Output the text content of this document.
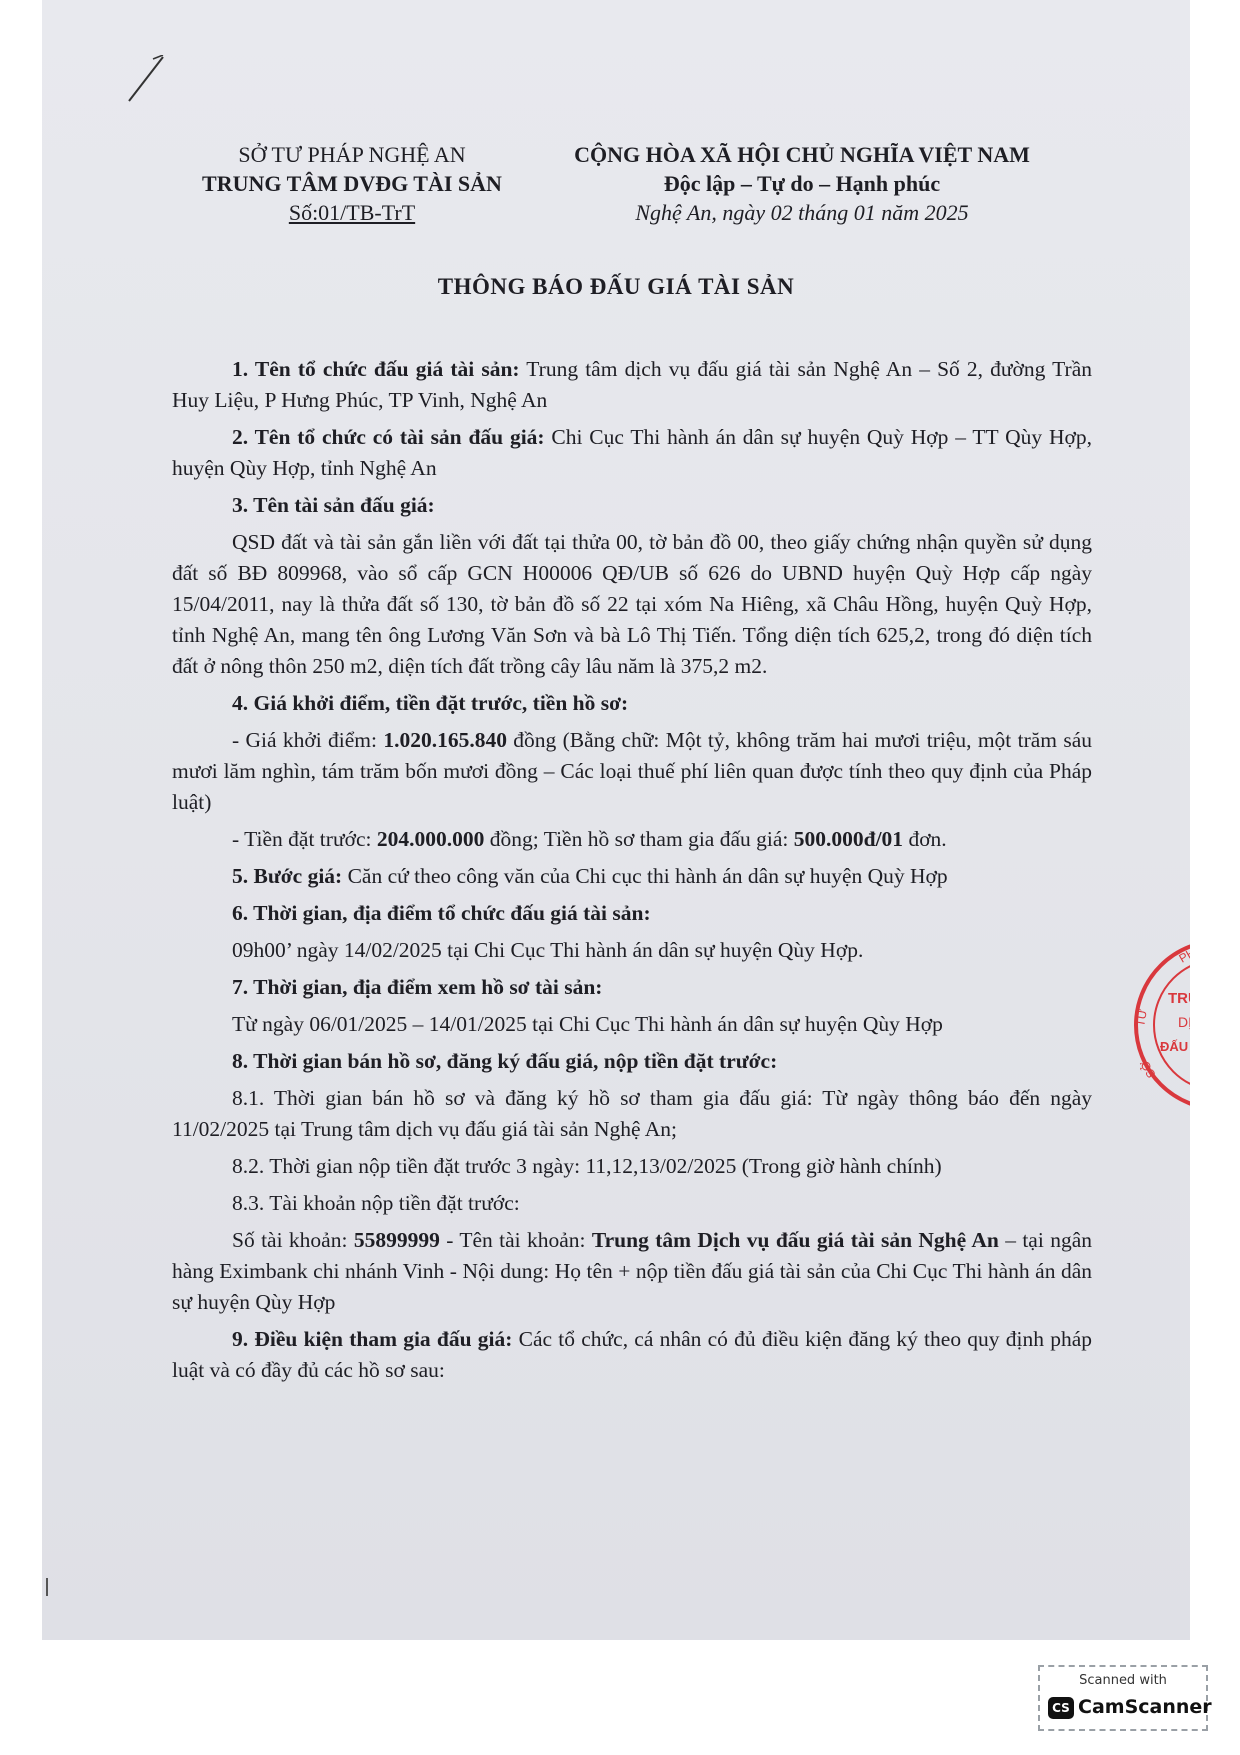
SỞ TƯ PHÁP NGHỆ AN
TRUNG TÂM DVĐG TÀI SẢN
Số:01/TB-TrT
CỘNG HÒA XÃ HỘI CHỦ NGHĨA VIỆT NAM
Độc lập – Tự do – Hạnh phúc
Nghệ An, ngày 02 tháng 01 năm 2025
THÔNG BÁO ĐẤU GIÁ TÀI SẢN

1. Tên tổ chức đấu giá tài sản: Trung tâm dịch vụ đấu giá tài sản Nghệ An – Số 2, đường Trần Huy Liệu, P Hưng Phúc, TP Vinh, Nghệ An

2. Tên tổ chức có tài sản đấu giá: Chi Cục Thi hành án dân sự huyện Quỳ Hợp – TT Qùy Hợp, huyện Qùy Hợp, tỉnh Nghệ An

3. Tên tài sản đấu giá:

QSD đất và tài sản gắn liền với đất tại thửa 00, tờ bản đồ 00, theo giấy chứng nhận quyền sử dụng đất số BĐ 809968, vào sổ cấp GCN H00006 QĐ/UB số 626 do UBND huyện Quỳ Hợp cấp ngày 15/04/2011, nay là thửa đất số 130, tờ bản đồ số 22 tại xóm Na Hiêng, xã Châu Hồng, huyện Quỳ Hợp, tỉnh Nghệ An, mang tên ông Lương Văn Sơn và bà Lô Thị Tiến. Tổng diện tích 625,2, trong đó diện tích đất ở nông thôn 250 m2, diện tích đất trồng cây lâu năm là 375,2 m2.

4. Giá khởi điểm, tiền đặt trước, tiền hồ sơ:

- Giá khởi điểm: 1.020.165.840 đồng (Bằng chữ: Một tỷ, không trăm hai mươi triệu, một trăm sáu mươi lăm nghìn, tám trăm bốn mươi đồng – Các loại thuế phí liên quan được tính theo quy định của Pháp luật)

- Tiền đặt trước: 204.000.000 đồng; Tiền hồ sơ tham gia đấu giá: 500.000đ/01 đơn.

5. Bước giá: Căn cứ theo công văn của Chi cục thi hành án dân sự huyện Quỳ Hợp

6. Thời gian, địa điểm tổ chức đấu giá tài sản:

09h00’ ngày 14/02/2025 tại Chi Cục Thi hành án dân sự huyện Qùy Hợp.

7. Thời gian, địa điểm xem hồ sơ tài sản:

Từ ngày 06/01/2025 – 14/01/2025 tại Chi Cục Thi hành án dân sự huyện Qùy Hợp

8. Thời gian bán hồ sơ, đăng ký đấu giá, nộp tiền đặt trước:

8.1. Thời gian bán hồ sơ và đăng ký hồ sơ tham gia đấu giá: Từ ngày thông báo đến ngày 11/02/2025 tại Trung tâm dịch vụ đấu giá tài sản Nghệ An;

8.2. Thời gian nộp tiền đặt trước 3 ngày: 11,12,13/02/2025 (Trong giờ hành chính)

8.3. Tài khoản nộp tiền đặt trước:

Số tài khoản: 55899999 - Tên tài khoản: Trung tâm Dịch vụ đấu giá tài sản Nghệ An – tại ngân hàng Eximbank chi nhánh Vinh - Nội dung: Họ tên + nộp tiền đấu giá tài sản của Chi Cục Thi hành án dân sự huyện Qùy Hợp

9. Điều kiện tham gia đấu giá: Các tổ chức, cá nhân có đủ điều kiện đăng ký theo quy định pháp luật và có đầy đủ các hồ sơ sau:

PHÁP
TƯ
SỞ
TRUNG T
DỊCH V
ĐẤU GIÁ TÀI
★
Scanned with
CS CamScanner
